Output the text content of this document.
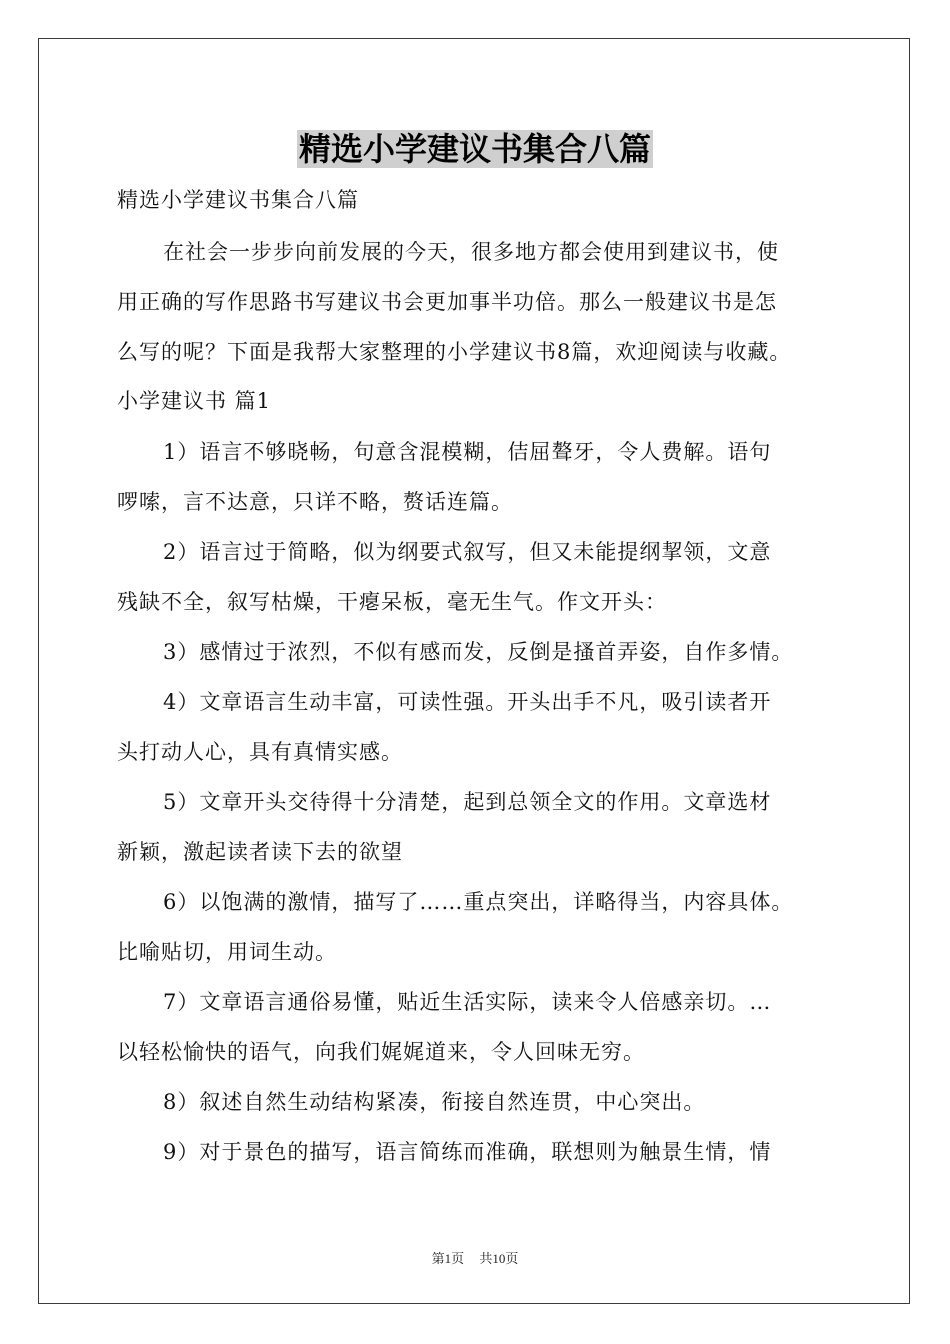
精选小学建议书集合八篇
精选小学建议书集合八篇
在社会一步步向前发展的今天，很多地方都会使用到建议书，使
用正确的写作思路书写建议书会更加事半功倍。那么一般建议书是怎
么写的呢？下面是我帮大家整理的小学建议书8篇，欢迎阅读与收藏。
小学建议书 篇1
1）语言不够晓畅，句意含混模糊，佶屈聱牙，令人费解。语句
啰嗦，言不达意，只详不略，赘话连篇。
2）语言过于简略，似为纲要式叙写，但又未能提纲挈领，文意
残缺不全，叙写枯燥，干瘪呆板，毫无生气。作文开头：
3）感情过于浓烈，不似有感而发，反倒是搔首弄姿，自作多情。
4）文章语言生动丰富，可读性强。开头出手不凡，吸引读者开
头打动人心，具有真情实感。
5）文章开头交待得十分清楚，起到总领全文的作用。文章选材
新颖，激起读者读下去的欲望
6）以饱满的激情，描写了……重点突出，详略得当，内容具体。
比喻贴切，用词生动。
7）文章语言通俗易懂，贴近生活实际，读来令人倍感亲切。…
以轻松愉快的语气，向我们娓娓道来，令人回味无穷。
8）叙述自然生动结构紧凑，衔接自然连贯，中心突出。
9）对于景色的描写，语言简练而准确，联想则为触景生情，情
第1页 共10页
